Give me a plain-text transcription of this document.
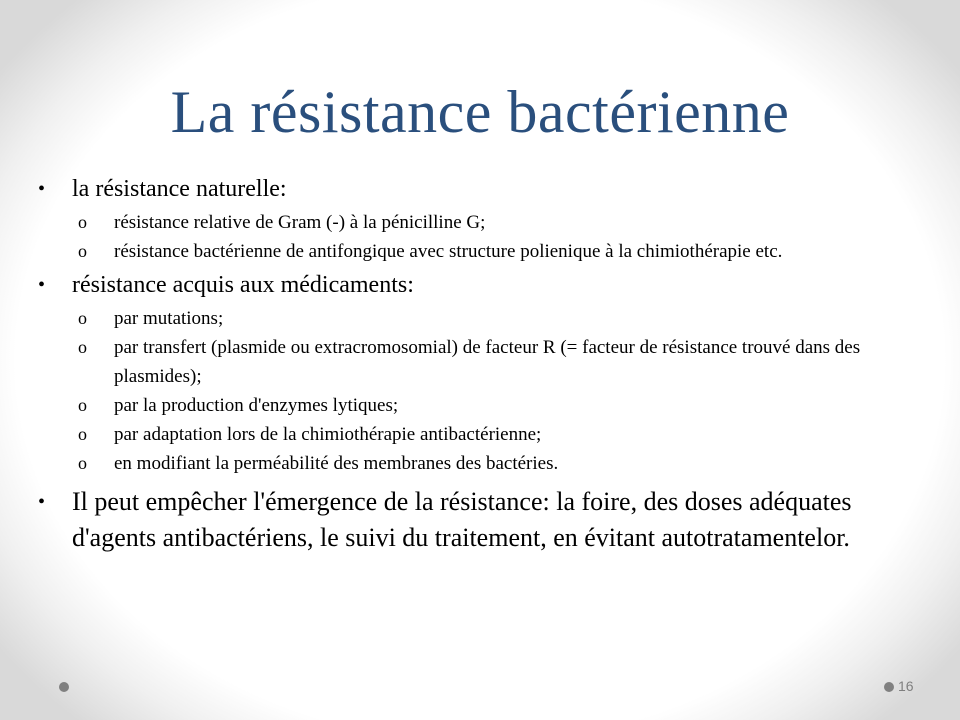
La résistance bactérienne
•	la résistance naturelle:
o	résistance relative de Gram (-) à la pénicilline G;
o	résistance bactérienne de antifongique avec structure polienique à la chimiothérapie etc.
•	résistance acquis aux médicaments:
o	par mutations;
o	par transfert (plasmide ou extracromosomial) de facteur R (= facteur de résistance trouvé dans des plasmides);
o	par la production d'enzymes lytiques;
o	par adaptation lors de la chimiothérapie antibactérienne;
o	en modifiant la perméabilité des membranes des bactéries.
•	Il peut empêcher l'émergence de la résistance: la foire, des doses adéquates d'agents antibactériens, le suivi du traitement, en évitant autotratamentelor.
16
